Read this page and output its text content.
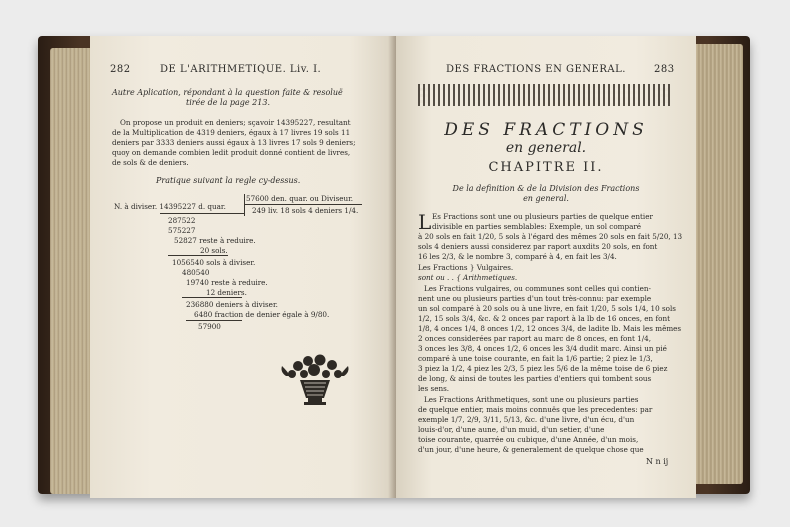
282	DE L'ARITHMETIQUE. Liv. I.
Autre Aplication, répondant à la question faite & resoluë
tirée de la page 213.
On propose un produit en deniers; sçavoir 14395227, resultant
de la Multiplication de 4319 deniers, égaux à 17 livres 19 sols 11
deniers par 3333 deniers aussi égaux à 13 livres 17 sols 9 deniers;
quoy on demande combien ledit produit donné contient de livres,
de sols & de deniers.
Pratique suivant la regle cy-dessus.
57600 den. quar. ou Diviseur.
N. à diviser. 14395227 d. quar.	249 liv. 18 sols 4 deniers 1/4.
287522
575227
52827 reste à reduire.
20 sols.
1056540 sols à diviser.
480540
19740 reste à reduire.
12 deniers.
236880 deniers à diviser.
6480 fraction de denier égale à 9/80.
57900
DES FRACTIONS EN GENERAL.	283
DES FRACTIONS
en general.
CHAPITRE II.
De la definition & de la Division des Fractions
en general.
L Es Fractions sont une ou plusieurs parties de quelque entier
divisible en parties semblables: Exemple, un sol comparé
à 20 sols en fait 1/20, 5 sols à l'égard des mêmes 20 sols en fait 5/20, 13
sols 4 deniers aussi considerez par raport auxdits 20 sols, en font
16 les 2/3, & le nombre 3, comparé à 4, en fait les 3/4.
Les Fractions } Vulgaires.
sont ou . . { Arithmetiques.
Les Fractions vulgaires, ou communes sont celles qui contien-
nent une ou plusieurs parties d'un tout très-connu: par exemple
un sol comparé à 20 sols ou à une livre, en fait 1/20, 5 sols 1/4, 10 sols
1/2, 15 sols 3/4, &c. & 2 onces par raport à la lb de 16 onces, en font
1/8, 4 onces 1/4, 8 onces 1/2, 12 onces 3/4, de ladite lb. Mais les mêmes
2 onces considerées par raport au marc de 8 onces, en font 1/4,
3 onces les 3/8, 4 onces 1/2, 6 onces les 3/4 dudit marc. Ainsi un pié
comparé à une toise courante, en fait la 1/6 partie; 2 piez le 1/3,
3 piez la 1/2, 4 piez les 2/3, 5 piez les 5/6 de la même toise de 6 piez
de long, & ainsi de toutes les parties d'entiers qui tombent sous
les sens.
Les Fractions Arithmetiques, sont une ou plusieurs parties
de quelque entier, mais moins connuës que les precedentes: par
exemple 1/7, 2/9, 3/11, 5/13, &c. d'une livre, d'un écu, d'un
louis-d'or, d'une aune, d'un muid, d'un setier, d'une
toise courante, quarrée ou cubique, d'une Année, d'un mois,
d'un jour, d'une heure, & generalement de quelque chose que
N n ij
